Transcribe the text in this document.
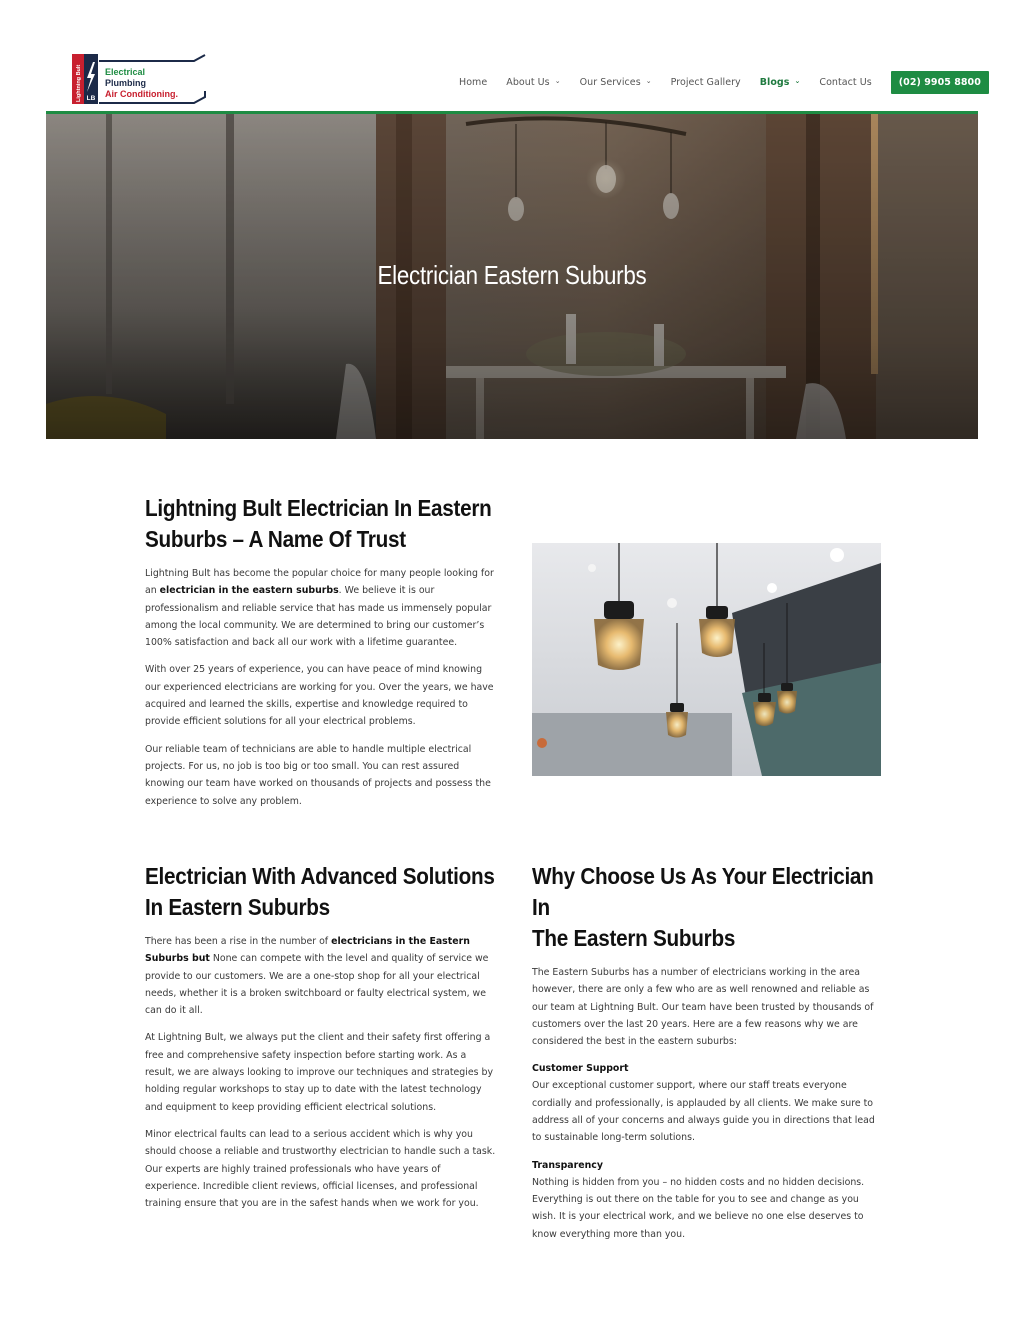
LB
Lightning Bult	Electrical
Plumbing
Air Conditioning.
Home About Us ⌄ Our Services ⌄ Project Gallery Blogs ⌄ Contact Us	(02) 9905 8800
Electrician Eastern Suburbs
Lightning Bult Electrician In Eastern
Suburbs – A Name Of Trust

Lightning Bult has become the popular choice for many people looking for an electrician in the eastern suburbs. We believe it is our professionalism and reliable service that has made us immensely popular among the local community. We are determined to bring our customer’s 100% satisfaction and back all our work with a lifetime guarantee.

With over 25 years of experience, you can have peace of mind knowing our experienced electricians are working for you. Over the years, we have acquired and learned the skills, expertise and knowledge required to provide efficient solutions for all your electrical problems.

Our reliable team of technicians are able to handle multiple electrical projects. For us, no job is too big or too small. You can rest assured knowing our team have worked on thousands of projects and possess the experience to solve any problem.

Electrician With Advanced Solutions
In Eastern Suburbs

There has been a rise in the number of electricians in the Eastern Suburbs but None can compete with the level and quality of service we provide to our customers. We are a one-stop shop for all your electrical needs, whether it is a broken switchboard or faulty electrical system, we can do it all.

At Lightning Bult, we always put the client and their safety first offering a free and comprehensive safety inspection before starting work. As a result, we are always looking to improve our techniques and strategies by holding regular workshops to stay up to date with the latest technology and equipment to keep providing efficient electrical solutions.

Minor electrical faults can lead to a serious accident which is why you should choose a reliable and trustworthy electrician to handle such a task. Our experts are highly trained professionals who have years of experience. Incredible client reviews, official licenses, and professional training ensure that you are in the safest hands when we work for you.

Why Choose Us As Your Electrician In
The Eastern Suburbs

The Eastern Suburbs has a number of electricians working in the area however, there are only a few who are as well renowned and reliable as our team at Lightning Bult. Our team have been trusted by thousands of customers over the last 20 years. Here are a few reasons why we are considered the best in the eastern suburbs:

Customer Support

Our exceptional customer support, where our staff treats everyone cordially and professionally, is applauded by all clients. We make sure to address all of your concerns and always guide you in directions that lead to sustainable long-term solutions.

Transparency

Nothing is hidden from you – no hidden costs and no hidden decisions. Everything is out there on the table for you to see and change as you wish. It is your electrical work, and we believe no one else deserves to know everything more than you.
